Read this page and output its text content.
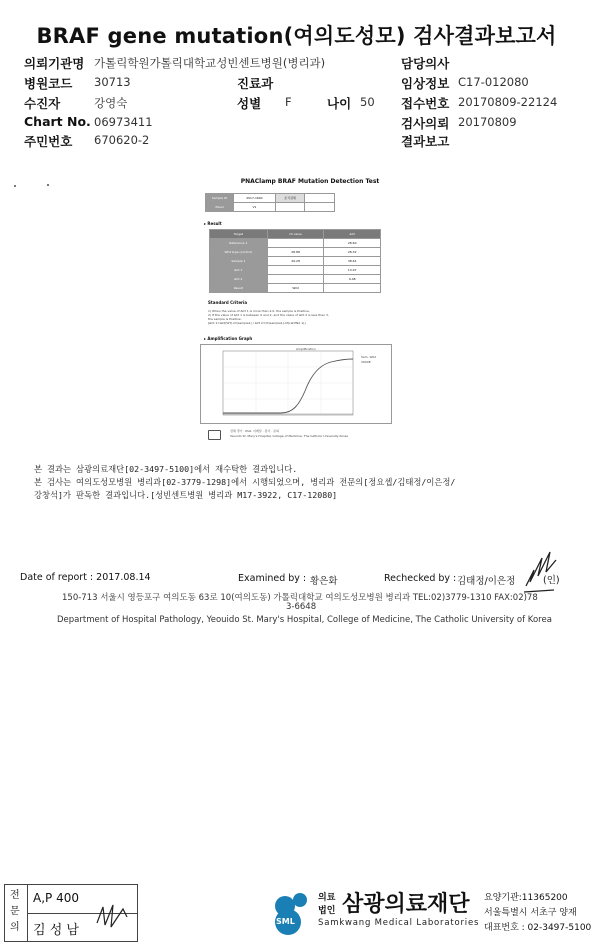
BRAF gene mutation(여의도성모) 검사결과보고서
의뢰기관명 가톨릭학원가톨릭대학교성빈센트병원(병리과)	담당의사
병원코드 30713	진료과	임상정보 C17-012080
수진자	강영숙	성별 F	나이 50 접수번호 20170809-22124
Chart No. 06973411	검사의뢰 20170809
주민번호 670620-2	결과보고
PNAClamp BRAF Mutation Detection Test
Sample ID	2017-1600	조직검체	
Panel	V1		
▸ Result
Target	Ct value	ΔCt
Reference 1		28.60
Wild type (control)	28.88	28.32
Sample 1	29.28	38.61
ΔCt 1		13.97
ΔCt 2		9.48
Result	Wild	
Standard Criteria
1) When the value of ΔCt 1 is more than 2.0, the sample is Positive.
2) If the value of ΔCt 1 is between 0 and 2, and the value of ΔCt 2 is less than 3,
the sample is Positive.
[ΔCt 1=ΔCt(WT)-Ct(sample1) / ΔCt 2=Ct(sample1)-Ct(ref.PNA 1)]
▸ Amplification Graph
Amplification
Sam. Wild
V600E
검체 경기 · Plat. 이메일 · 검사 · 문의
Yeouido St. Mary's Hospital, College of Medicine, The Catholic University Korea
본 결과는 삼광의료재단[02-3497-5100]에서 재수탁한 결과입니다.
본 검사는 여의도성모병원 병리과[02-3779-1298]에서 시행되었으며, 병리과 전문의[정요셉/김태정/이은정/
강창석]가 판독한 결과입니다.[성빈센트병원 병리과 M17-3922, C17-12080]
Date of report : 2017.08.14	Examined by : 황은화	Rechecked by : 김태정/이은정	(인)
150-713 서울시 영등포구 여의도동 63로 10(여의도동) 가톨릭대학교 여의도성모병원 병리과 TEL:02)3779-1310 FAX:02)78
3-6648
Department of Hospital Pathology, Yeouido St. Mary's Hospital, College of Medicine, The Catholic University of Korea
전문의
A,P 400
김 성 남
SML
의료
법인 삼광의료재단
Samkwang Medical Laboratories
요양기관:11365200
서울특별시 서초구 양재
대표번호 : 02-3497-5100
